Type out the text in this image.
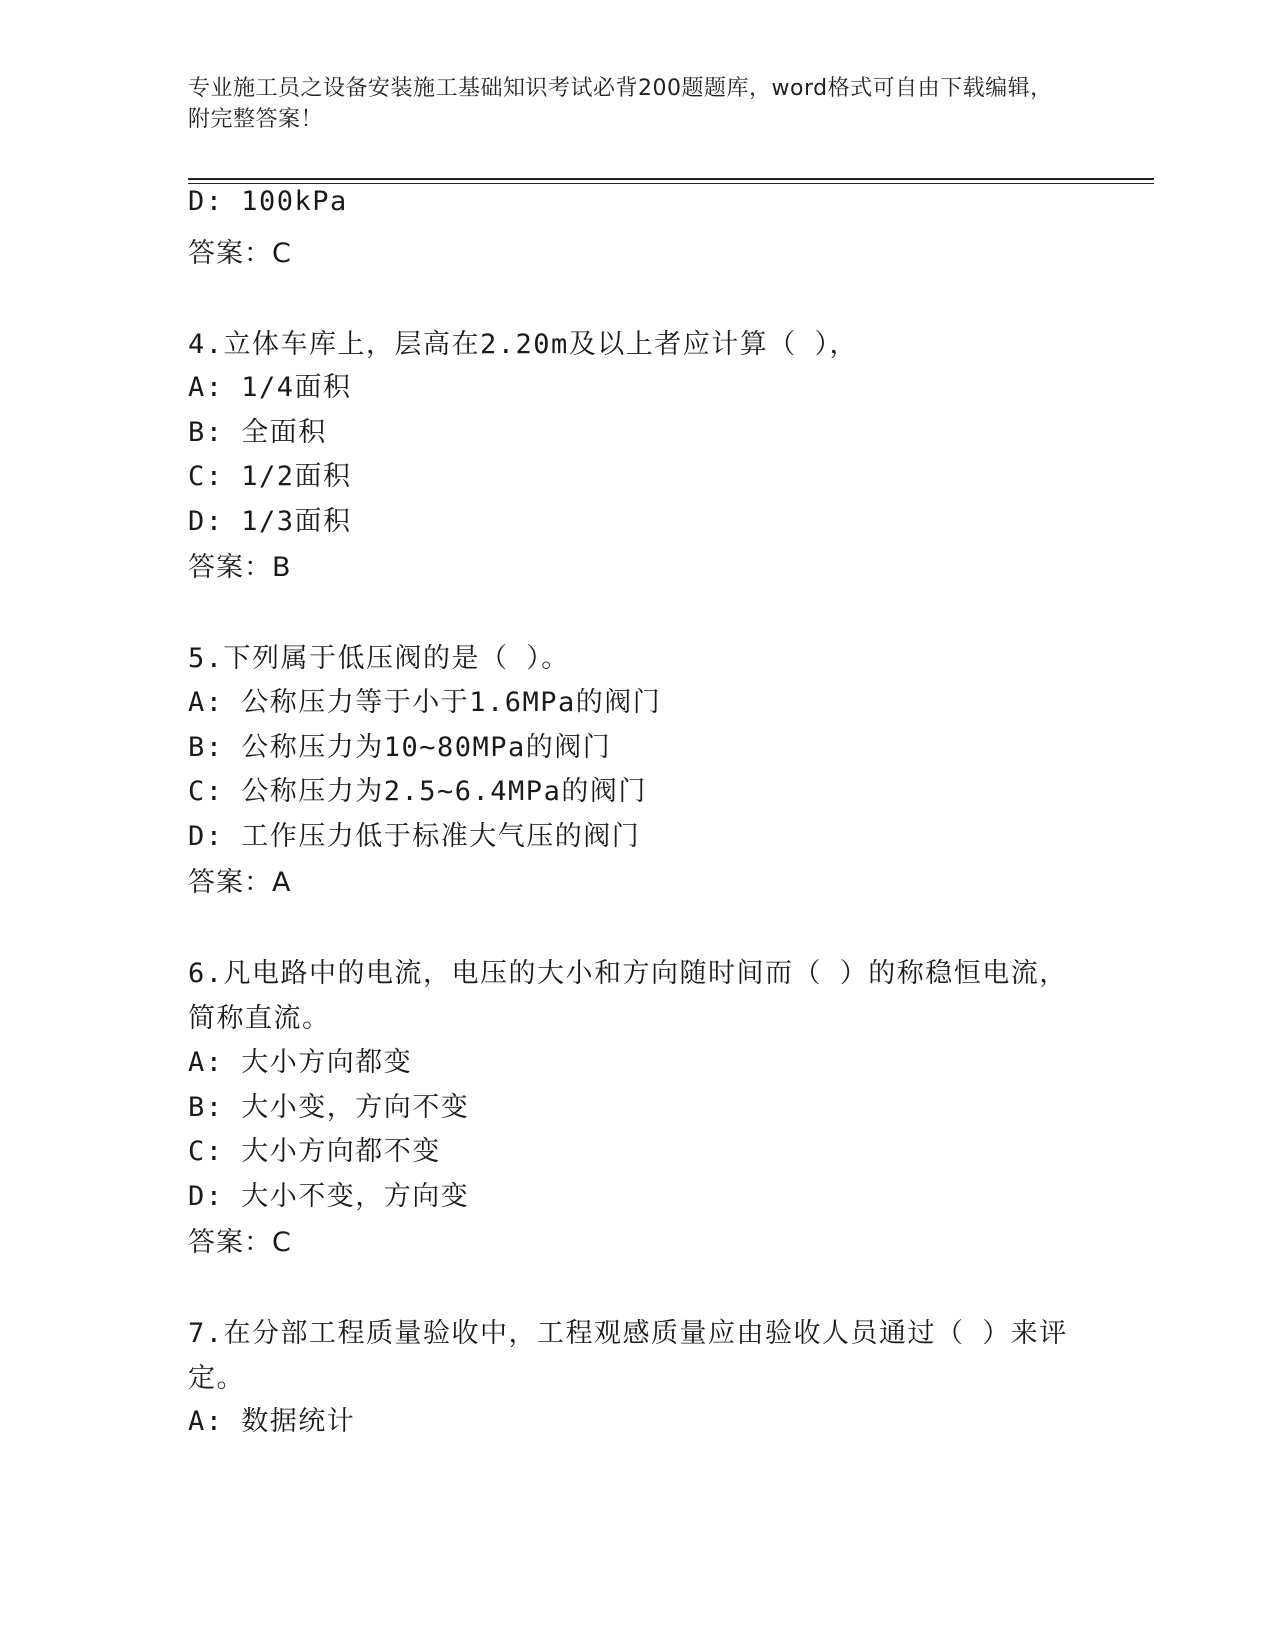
专业施工员之设备安装施工基础知识考试必背200题题库，word格式可自由下载编辑，附完整答案！
D: 100kPa
答案：C
4.立体车库上，层高在2.20m及以上者应计算（ ），
A: 1/4面积
B: 全面积
C: 1/2面积
D: 1/3面积
答案：B
5.下列属于低压阀的是（ ）。
A: 公称压力等于小于1.6MPa的阀门
B: 公称压力为10~80MPa的阀门
C: 公称压力为2.5~6.4MPa的阀门
D: 工作压力低于标准大气压的阀门
答案：A
6.凡电路中的电流，电压的大小和方向随时间而（ ）的称稳恒电流，简称直流。
A: 大小方向都变
B: 大小变，方向不变
C: 大小方向都不变
D: 大小不变，方向变
答案：C
7.在分部工程质量验收中，工程观感质量应由验收人员通过（ ）来评定。
A: 数据统计
